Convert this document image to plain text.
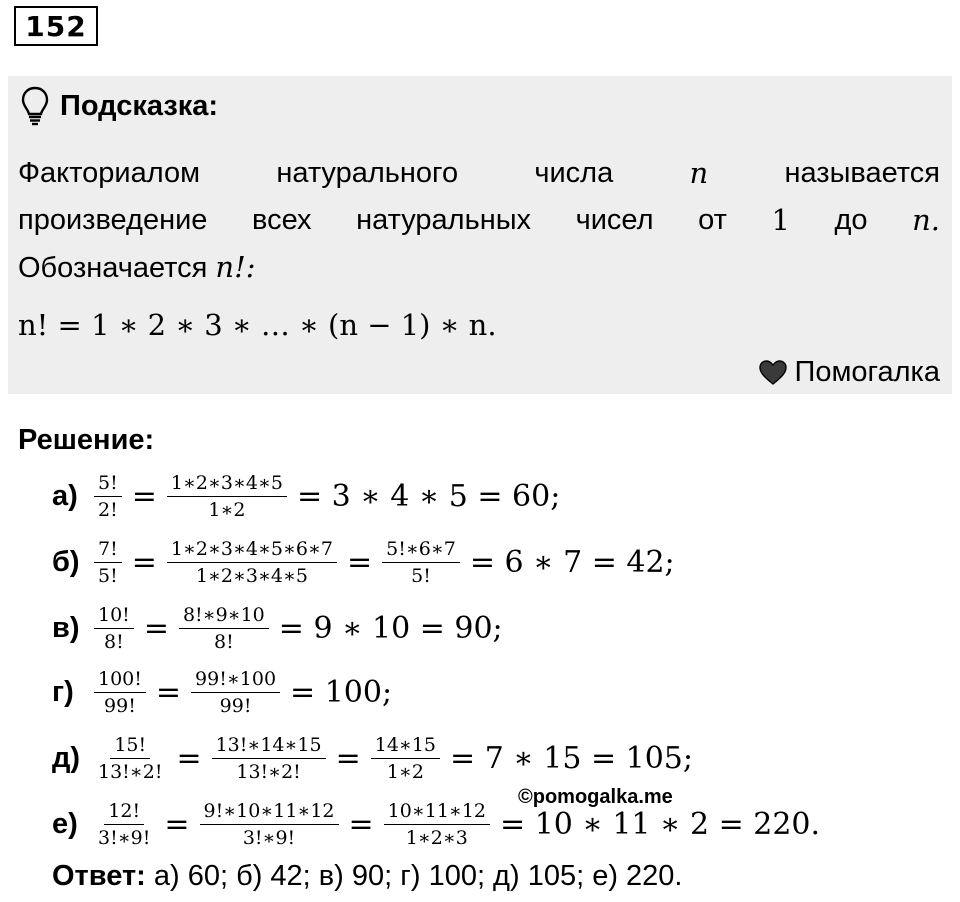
152
Подсказка:
Факториалом	натурального	числа	n	называется
произведение всех натуральных чисел от 1 до n.
Обозначается n!:
n! = 1 ∗ 2 ∗ 3 ∗ … ∗ (n − 1) ∗ n.
Помогалка
Решение:
$а) \frac{5!}{2!} = \frac{1∗2∗3∗4∗5}{1∗2} = 3$ ∗ 4 ∗ 5 = 60;
$б) \frac{7!}{5!} = \frac{1∗2∗3∗4∗5∗6∗7}{1∗2∗3∗4∗5} = \frac{5!∗6∗7}{5!} = 6$ ∗ 7 = 42;
$в) \frac{10!}{8!} = \frac{8!∗9∗10}{8!} = 9$ ∗ 10 = 90;
г)	$\frac{100!}{99!} = \frac{99!∗100}{99!} = 100$;
$д) \frac{15!}{13!∗2!} = \frac{13!∗14∗15}{13!∗2!} = \frac{14∗15}{1∗2} = 7$ ∗ 15 = 105;
$е) \frac{12!}{3!∗9!} = \frac{9!∗10∗11∗12}{3!∗9!} = \frac{10∗11∗12}{1∗2∗3} = 10$ ∗ 11 ∗ 2 = 220.
©pomogalka.me
Ответ: а) 60; б) 42; в) 90; г) 100; д) 105; е) 220.
